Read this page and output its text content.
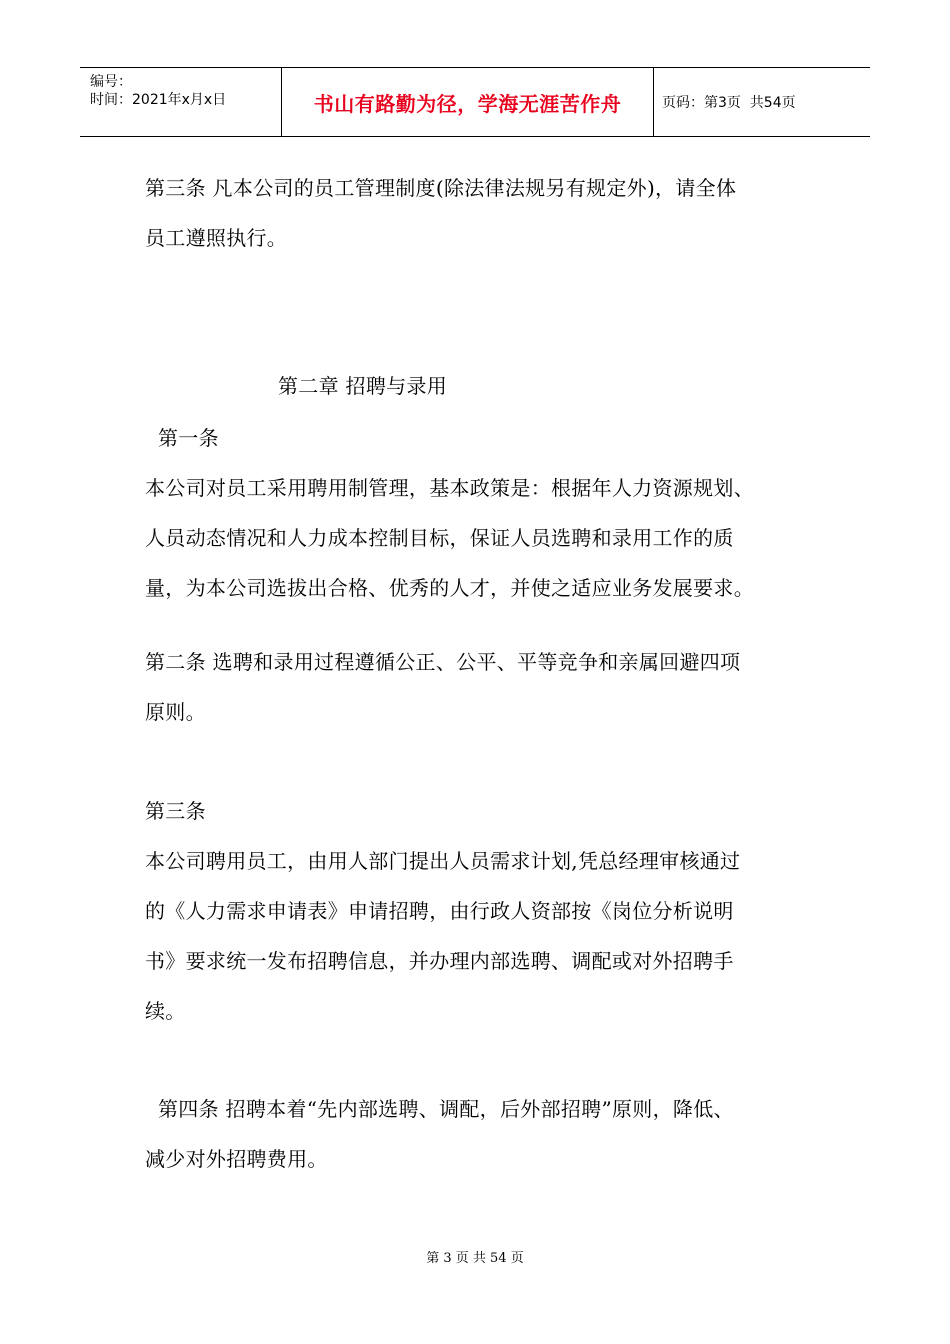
编号：
时间：2021年x月x日	书山有路勤为径，学海无涯苦作舟	页码：第3页  共54页
第三条 凡本公司的员工管理制度(除法律法规另有规定外)，请全体
员工遵照执行。
第二章 招聘与录用
第一条
本公司对员工采用聘用制管理，基本政策是：根据年人力资源规划、
人员动态情况和人力成本控制目标，保证人员选聘和录用工作的质
量，为本公司选拔出合格、优秀的人才，并使之适应业务发展要求。
第二条 选聘和录用过程遵循公正、公平、平等竞争和亲属回避四项
原则。
第三条
本公司聘用员工，由用人部门提出人员需求计划,凭总经理审核通过
的《人力需求申请表》申请招聘，由行政人资部按《岗位分析说明
书》要求统一发布招聘信息，并办理内部选聘、调配或对外招聘手
续。
第四条 招聘本着“先内部选聘、调配，后外部招聘”原则，降低、
减少对外招聘费用。
第 3 页 共 54 页
